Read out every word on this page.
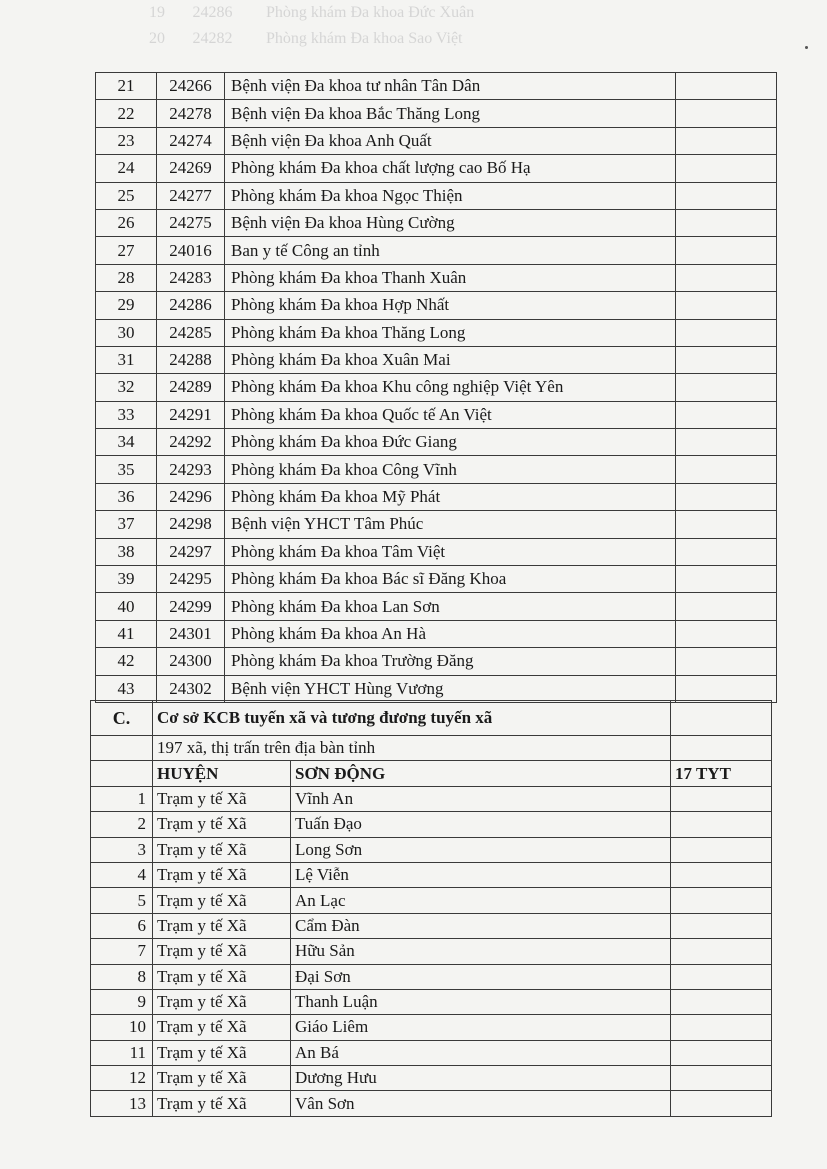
19 24286 Phòng khám Đa khoa Đức Xuân
20 24282 Phòng khám Đa khoa Sao Việt
21	24266	Bệnh viện Đa khoa tư nhân Tân Dân	
22	24278	Bệnh viện Đa khoa Bắc Thăng Long	
23	24274	Bệnh viện Đa khoa Anh Quất	
24	24269	Phòng khám Đa khoa chất lượng cao Bố Hạ	
25	24277	Phòng khám Đa khoa Ngọc Thiện	
26	24275	Bệnh viện Đa khoa Hùng Cường	
27	24016	Ban y tế Công an tỉnh	
28	24283	Phòng khám Đa khoa Thanh Xuân	
29	24286	Phòng khám Đa khoa Hợp Nhất	
30	24285	Phòng khám Đa khoa Thăng Long	
31	24288	Phòng khám Đa khoa Xuân Mai	
32	24289	Phòng khám Đa khoa Khu công nghiệp Việt Yên	
33	24291	Phòng khám Đa khoa Quốc tế An Việt	
34	24292	Phòng khám Đa khoa Đức Giang	
35	24293	Phòng khám Đa khoa Công Vĩnh	
36	24296	Phòng khám Đa khoa Mỹ Phát	
37	24298	Bệnh viện YHCT Tâm Phúc	
38	24297	Phòng khám Đa khoa Tâm Việt	
39	24295	Phòng khám Đa khoa Bác sĩ Đăng Khoa	
40	24299	Phòng khám Đa khoa Lan Sơn	
41	24301	Phòng khám Đa khoa An Hà	
42	24300	Phòng khám Đa khoa Trường Đăng	
43	24302	Bệnh viện YHCT Hùng Vương	
C.	Cơ sở KCB tuyến xã và tương đương tuyến xã		
	197 xã, thị trấn trên địa bàn tỉnh		
	HUYỆN	SƠN ĐỘNG	17 TYT
1	Trạm y tế Xã	Vĩnh An	
2	Trạm y tế Xã	Tuấn Đạo	
3	Trạm y tế Xã	Long Sơn	
4	Trạm y tế Xã	Lệ Viễn	
5	Trạm y tế Xã	An Lạc	
6	Trạm y tế Xã	Cẩm Đàn	
7	Trạm y tế Xã	Hữu Sản	
8	Trạm y tế Xã	Đại Sơn	
9	Trạm y tế Xã	Thanh Luận	
10	Trạm y tế Xã	Giáo Liêm	
11	Trạm y tế Xã	An Bá	
12	Trạm y tế Xã	Dương Hưu	
13	Trạm y tế Xã	Vân Sơn	
